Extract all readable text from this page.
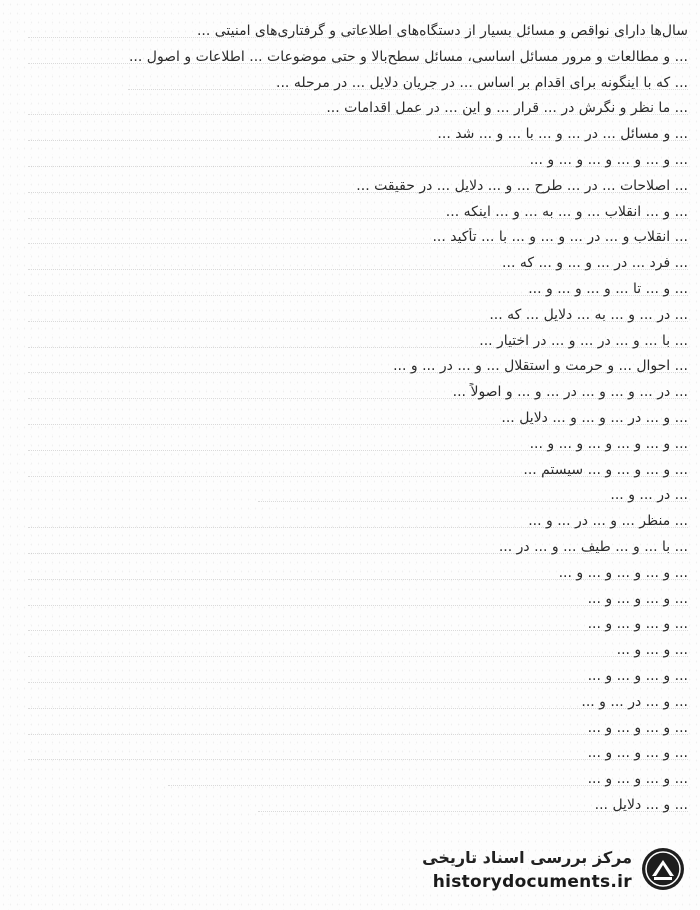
سال‌ها دارای نواقص و مسائل بسیار از دستگاه‌های اطلاعاتی و گرفتاری‌های امنیتی ...
... و مطالعات و مرور مسائل اساسی، مسائل سطح‌بالا و حتی موضوعات ... اطلاعات و اصول ...
... که با اینگونه برای اقدام بر اساس ... در جریان دلایل ... در مرحله ...
... ما نظر و نگرش در ... قرار ... و این ... در عمل اقدامات ...
... و مسائل ... در ... و ... با ... و ... شد ...
... و ... و ... و ... و ... و ...
... اصلاحات ... در ... طرح ... و ... دلایل ... در حقیقت ...
... و ... انقلاب ... و ... به ... و ... اینکه ...
... انقلاب و ... در ... و ... و ... با ... تأکید ...
... فرد ... در ... و ... و ... که ...
... و ... تا ... و ... و ... و ...
... در ... و ... به ... دلایل ... که ...
... با ... و ... در ... و ... در اختیار ...
... احوال ... و حرمت و استقلال ... و ... در ... و ...
... در ... و ... و ... در ... و ... و اصولاً ...
... و ... در ... و ... و ... دلایل ...
... و ... و ... و ... و ... و ...
... و ... و ... و ... سیستم ...
... در ... و ...
... منظر ... و ... در ... و ...
... با ... و ... طیف ... و ... در ...
... و ... و ... و ... و ...
... و ... و ... و ...
... و ... و ... و ...
... و ... و ...
... و ... و ... و ...
... و ... در ... و ...
... و ... و ... و ...
... و ... و ... و ...
... و ... و ... و ...
... و ... دلایل ...
مرکز بررسی اسناد تاریخی
historydocuments.ir
